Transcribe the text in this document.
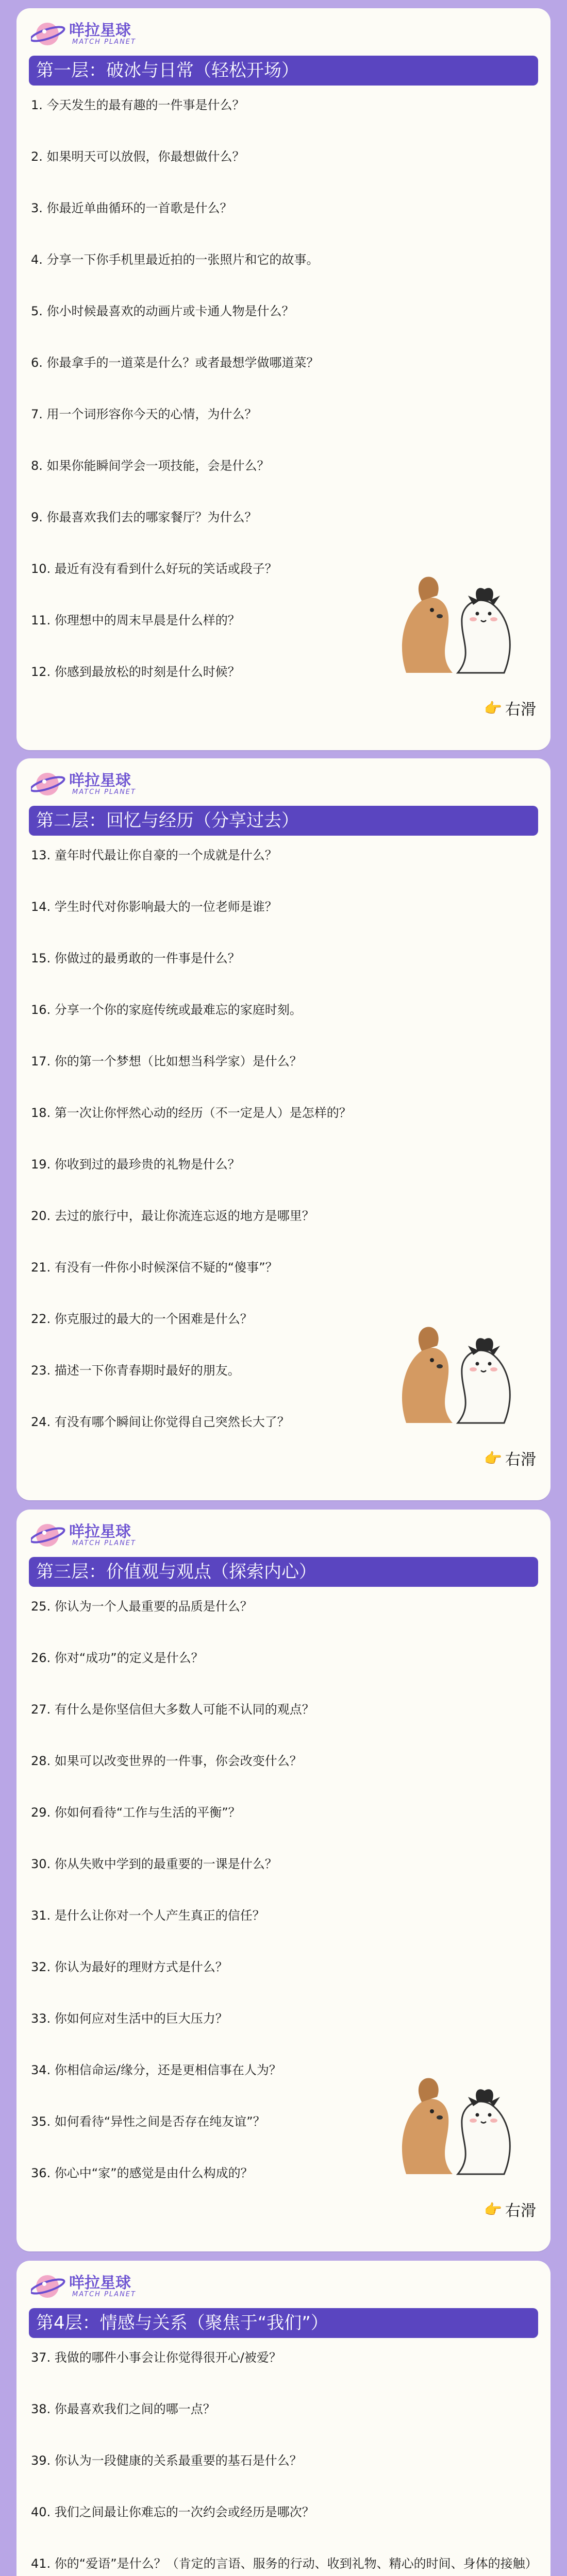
咩拉星球
MATCH PLANET
第一层：破冰与日常（轻松开场）
1. 今天发生的最有趣的一件事是什么？
2. 如果明天可以放假，你最想做什么？
3. 你最近单曲循环的一首歌是什么？
4. 分享一下你手机里最近拍的一张照片和它的故事。
5. 你小时候最喜欢的动画片或卡通人物是什么？
6. 你最拿手的一道菜是什么？或者最想学做哪道菜？
7. 用一个词形容你今天的心情，为什么？
8. 如果你能瞬间学会一项技能，会是什么？
9. 你最喜欢我们去的哪家餐厅？为什么？
10. 最近有没有看到什么好玩的笑话或段子？
11. 你理想中的周末早晨是什么样的？
12. 你感到最放松的时刻是什么时候？
👉 右滑
咩拉星球
MATCH PLANET
第二层：回忆与经历（分享过去）
13. 童年时代最让你自豪的一个成就是什么？
14. 学生时代对你影响最大的一位老师是谁？
15. 你做过的最勇敢的一件事是什么？
16. 分享一个你的家庭传统或最难忘的家庭时刻。
17. 你的第一个梦想（比如想当科学家）是什么？
18. 第一次让你怦然心动的经历（不一定是人）是怎样的？
19. 你收到过的最珍贵的礼物是什么？
20. 去过的旅行中，最让你流连忘返的地方是哪里？
21. 有没有一件你小时候深信不疑的“傻事”？
22. 你克服过的最大的一个困难是什么？
23. 描述一下你青春期时最好的朋友。
24. 有没有哪个瞬间让你觉得自己突然长大了？
👉 右滑
咩拉星球
MATCH PLANET
第三层：价值观与观点（探索内心）
25. 你认为一个人最重要的品质是什么？
26. 你对“成功”的定义是什么？
27. 有什么是你坚信但大多数人可能不认同的观点？
28. 如果可以改变世界的一件事，你会改变什么？
29. 你如何看待“工作与生活的平衡”？
30. 你从失败中学到的最重要的一课是什么？
31. 是什么让你对一个人产生真正的信任？
32. 你认为最好的理财方式是什么？
33. 你如何应对生活中的巨大压力？
34. 你相信命运/缘分，还是更相信事在人为？
35. 如何看待“异性之间是否存在纯友谊”？
36. 你心中“家”的感觉是由什么构成的？
👉 右滑
咩拉星球
MATCH PLANET
第4层：情感与关系（聚焦于“我们”）
37. 我做的哪件小事会让你觉得很开心/被爱？
38. 你最喜欢我们之间的哪一点？
39. 你认为一段健康的关系最重要的基石是什么？
40. 我们之间最让你难忘的一次约会或经历是哪次？
41. 你的“爱语”是什么？（肯定的言语、服务的行动、收到礼物、精心的时间、身体的接触）
